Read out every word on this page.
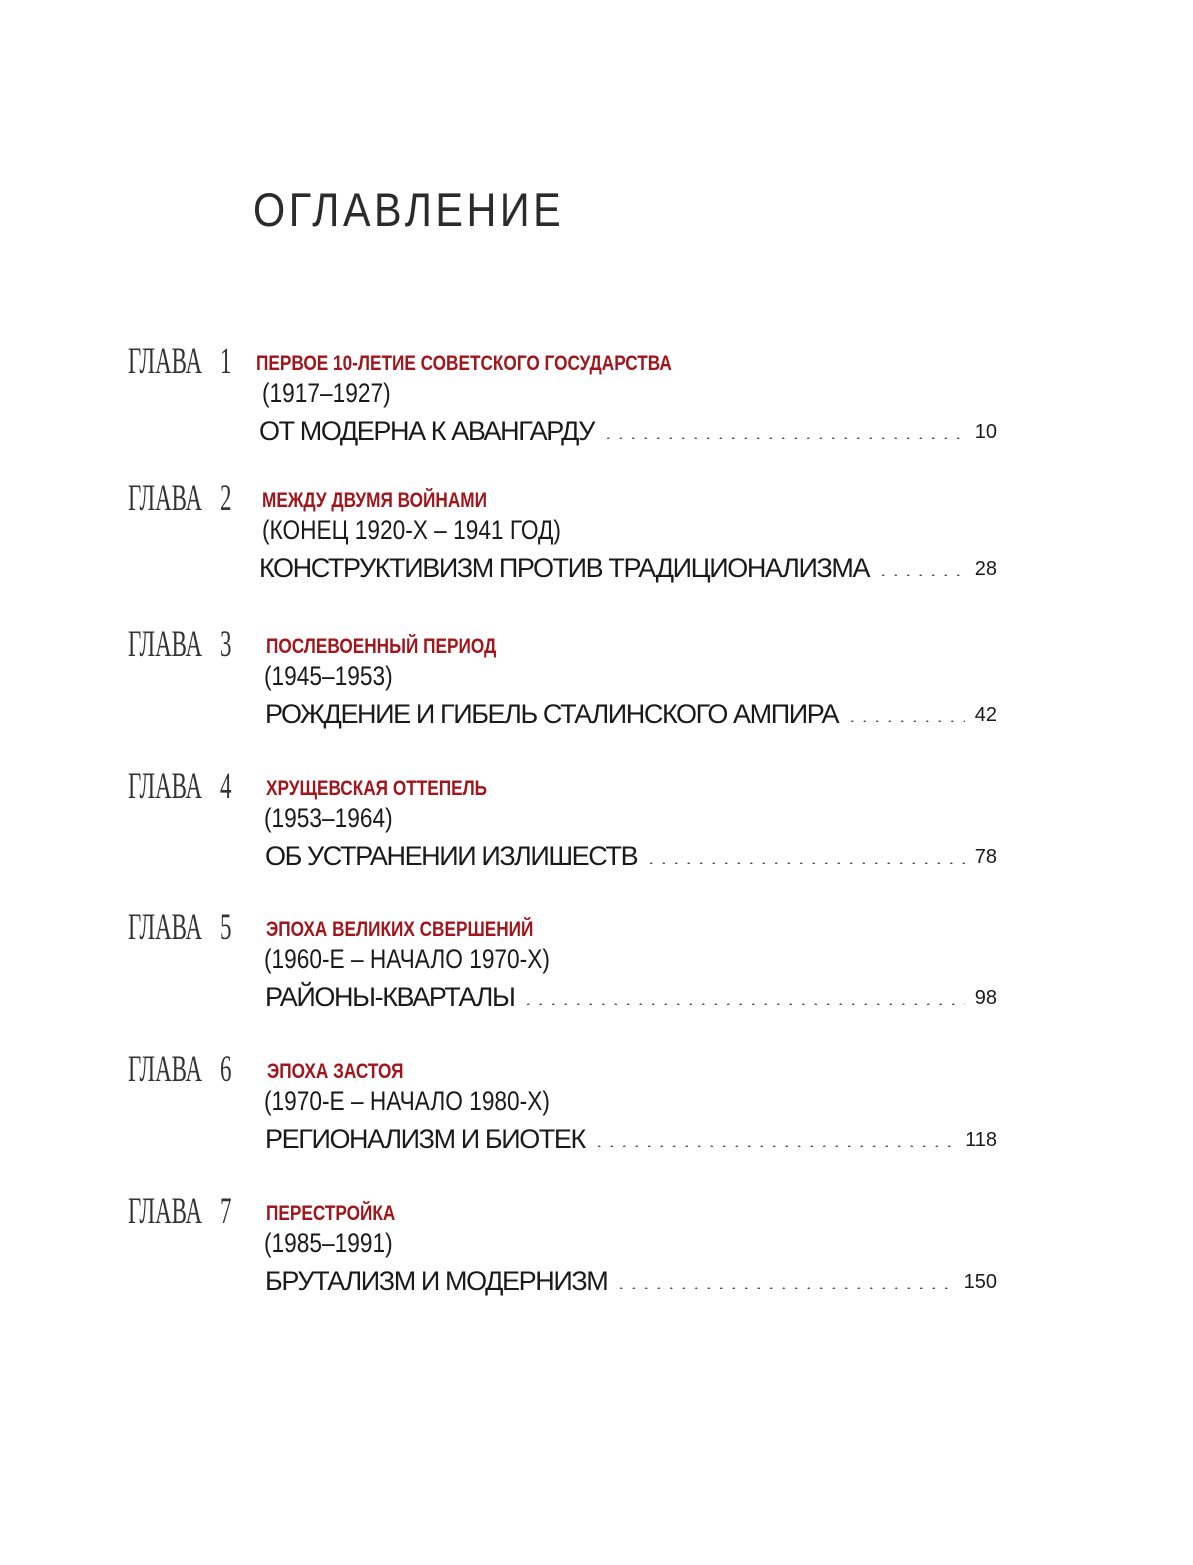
ОГЛАВЛЕНИЕ
ГЛАВА 1 ПЕРВОЕ 10-ЛЕТИЕ СОВЕТСКОГО ГОСУДАРСТВА
(1917–1927)
ОТ МОДЕРНА К АВАНГАРДУ	10
ГЛАВА 2 МЕЖДУ ДВУМЯ ВОЙНАМИ
(КОНЕЦ 1920-Х – 1941 ГОД)
КОНСТРУКТИВИЗМ ПРОТИВ ТРАДИЦИОНАЛИЗМА	28
ГЛАВА 3 ПОСЛЕВОЕННЫЙ ПЕРИОД
(1945–1953)
РОЖДЕНИЕ И ГИБЕЛЬ СТАЛИНСКОГО АМПИРА	42
ГЛАВА 4 ХРУЩЕВСКАЯ ОТТЕПЕЛЬ
(1953–1964)
ОБ УСТРАНЕНИИ ИЗЛИШЕСТВ	78
ГЛАВА 5 ЭПОХА ВЕЛИКИХ СВЕРШЕНИЙ
(1960-Е – НАЧАЛО 1970-Х)
РАЙОНЫ-КВАРТАЛЫ	98
ГЛАВА 6 ЭПОХА ЗАСТОЯ
(1970-Е – НАЧАЛО 1980-Х)
РЕГИОНАЛИЗМ И БИОТЕК	118
ГЛАВА 7 ПЕРЕСТРОЙКА
(1985–1991)
БРУТАЛИЗМ И МОДЕРНИЗМ	150
